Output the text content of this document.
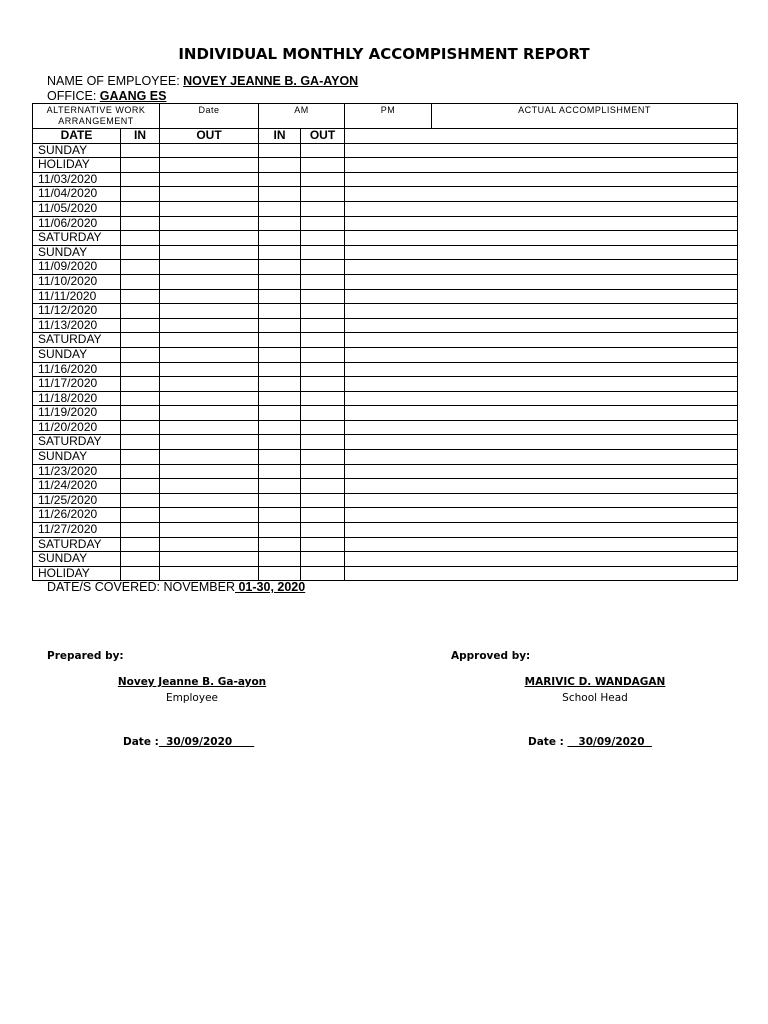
INDIVIDUAL MONTHLY ACCOMPISHMENT REPORT
NAME OF EMPLOYEE: NOVEY JEANNE B. GA-AYON
OFFICE: GAANG ES
ALTERNATIVE WORK ARRANGEMENT		Date	AM		PM	ACTUAL ACCOMPLISHMENT
DATE	IN	OUT	IN	OUT		
SUNDAY						
HOLIDAY						
11/03/2020						
11/04/2020						
11/05/2020						
11/06/2020						
SATURDAY						
SUNDAY						
11/09/2020						
11/10/2020						
11/11/2020						
11/12/2020						
11/13/2020						
SATURDAY						
SUNDAY						
11/16/2020						
11/17/2020						
11/18/2020						
11/19/2020						
11/20/2020						
SATURDAY						
SUNDAY						
11/23/2020						
11/24/2020						
11/25/2020						
11/26/2020						
11/27/2020						
SATURDAY						
SUNDAY						
HOLIDAY						
DATE/S COVERED: NOVEMBER 01-30, 2020
Prepared by:	Approved by:
Novey Jeanne B. Ga-ayon
Employee
MARIVIC D. WANDAGAN
School Head
Date :  30/09/2020	Date :    30/09/2020
